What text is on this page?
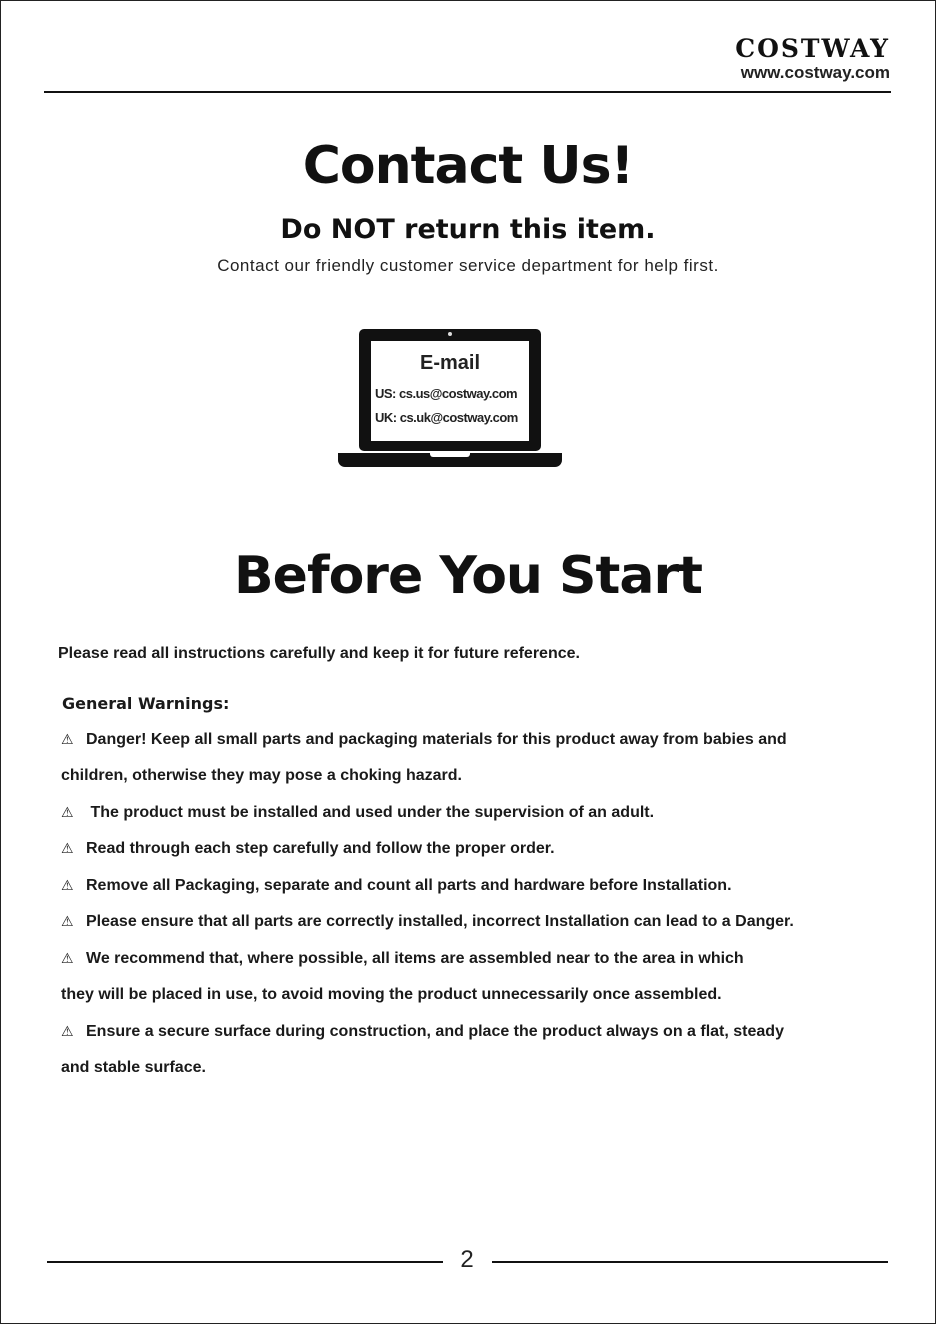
COSTWAY
www.costway.com
Contact Us!
Do NOT return this item.
Contact our friendly customer service department for help first.
E-mail
US: cs.us@costway.com
UK: cs.uk@costway.com
Before You Start
Please read all instructions carefully and keep it for future reference.
General Warnings:
⚠ Danger! Keep all small parts and packaging materials for this product away from babies and
children, otherwise they may pose a choking hazard.
⚠ The product must be installed and used under the supervision of an adult.
⚠ Read through each step carefully and follow the proper order.
⚠ Remove all Packaging, separate and count all parts and hardware before Installation.
⚠ Please ensure that all parts are correctly installed, incorrect Installation can lead to a Danger.
⚠ We recommend that, where possible, all items are assembled near to the area in which
they will be placed in use, to avoid moving the product unnecessarily once assembled.
⚠ Ensure a secure surface during construction, and place the product always on a flat, steady
and stable surface.
2
